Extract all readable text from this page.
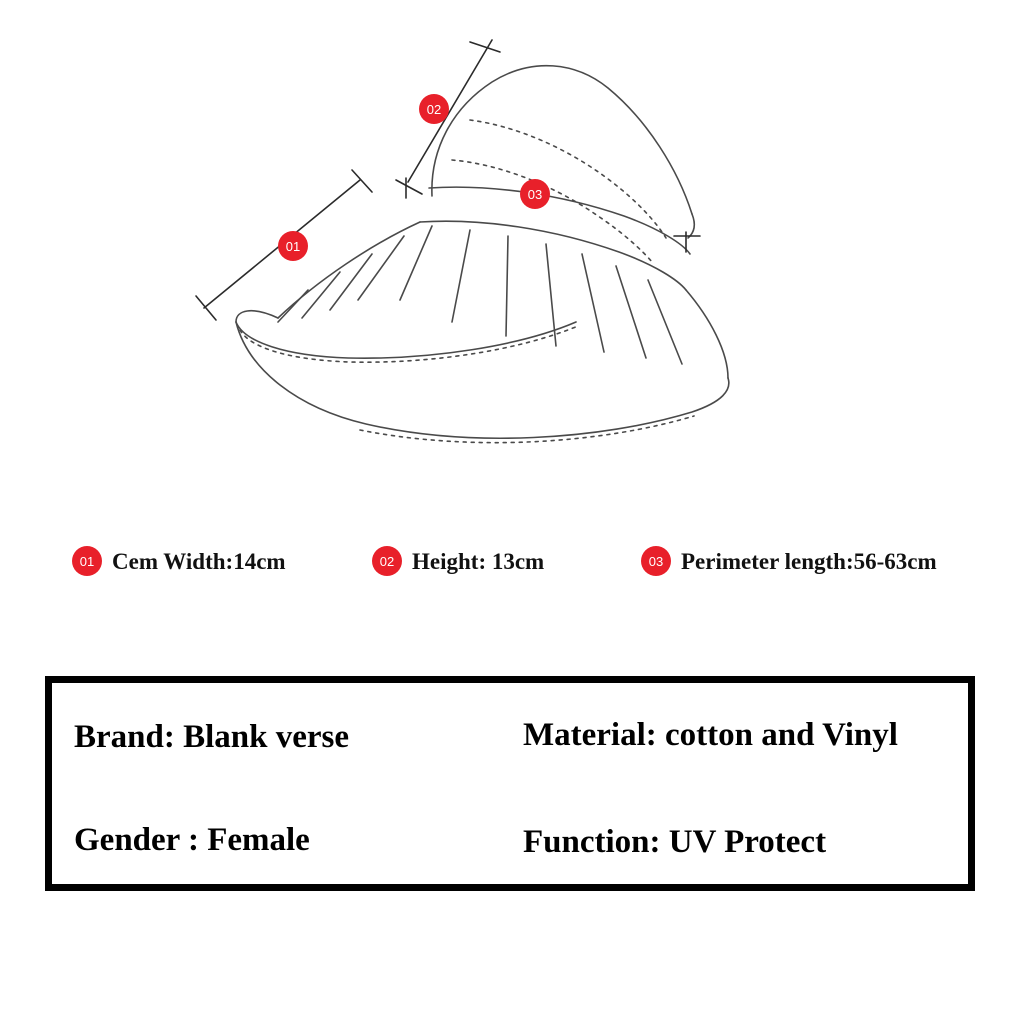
01
02
03
01 Cem Width:14cm	02 Height: 13cm	03 Perimeter length:56-63cm
Brand: Blank verse	Material: cotton and Vinyl
Gender : Female	Function: UV Protect
